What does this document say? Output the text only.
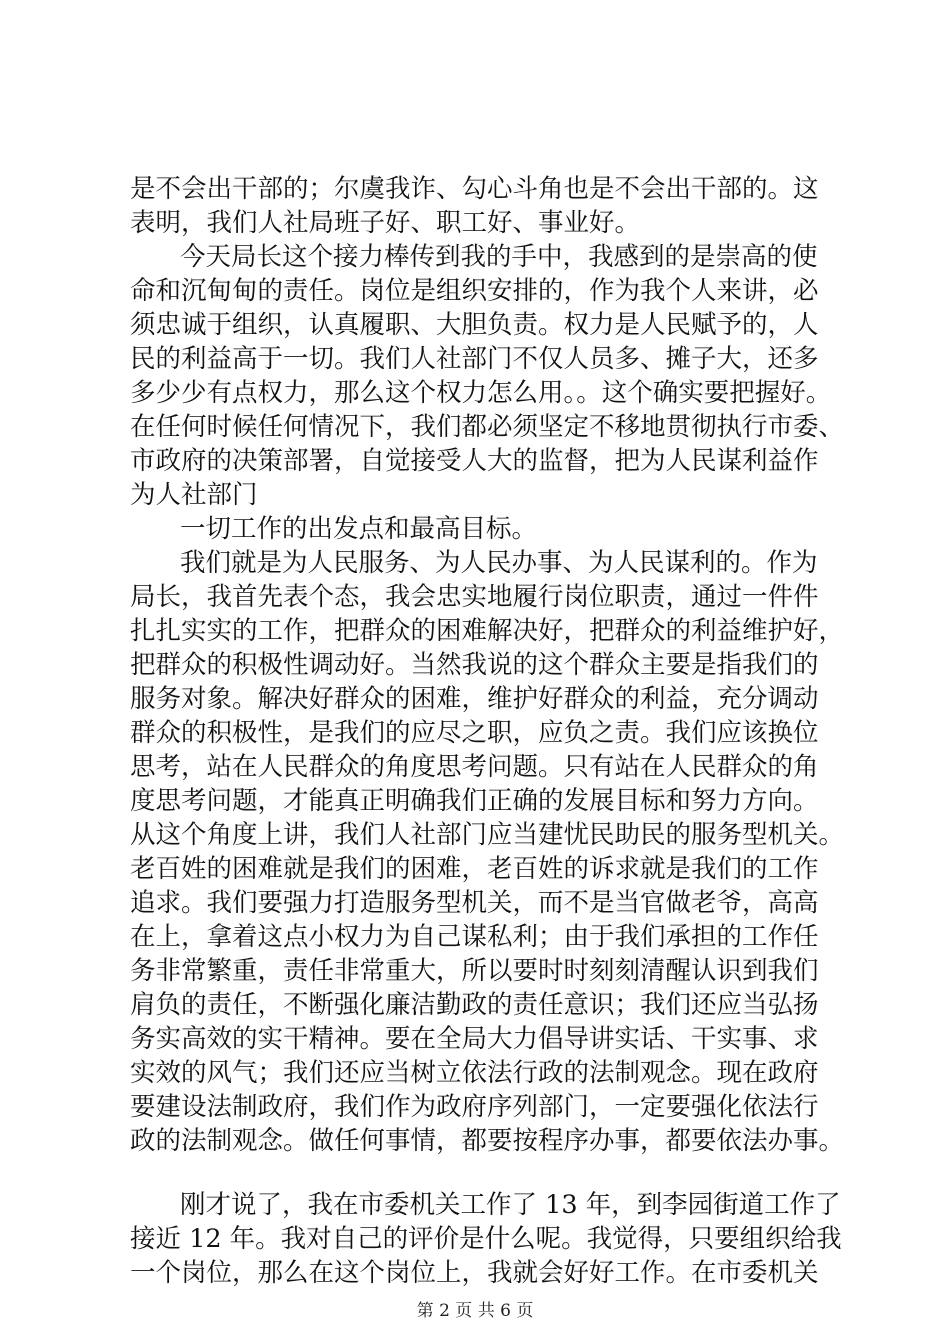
是不会出干部的；尔虞我诈、勾心斗角也是不会出干部的。这
表明，我们人社局班子好、职工好、事业好。
今天局长这个接力棒传到我的手中，我感到的是崇高的使
命和沉甸甸的责任。岗位是组织安排的，作为我个人来讲，必
须忠诚于组织，认真履职、大胆负责。权力是人民赋予的，人
民的利益高于一切。我们人社部门不仅人员多、摊子大，还多
多少少有点权力，那么这个权力怎么用。。这个确实要把握好。
在任何时候任何情况下，我们都必须坚定不移地贯彻执行市委、
市政府的决策部署，自觉接受人大的监督，把为人民谋利益作
为人社部门
一切工作的出发点和最高目标。
我们就是为人民服务、为人民办事、为人民谋利的。作为
局长，我首先表个态，我会忠实地履行岗位职责，通过一件件
扎扎实实的工作，把群众的困难解决好，把群众的利益维护好，
把群众的积极性调动好。当然我说的这个群众主要是指我们的
服务对象。解决好群众的困难，维护好群众的利益，充分调动
群众的积极性，是我们的应尽之职，应负之责。我们应该换位
思考，站在人民群众的角度思考问题。只有站在人民群众的角
度思考问题，才能真正明确我们正确的发展目标和努力方向。
从这个角度上讲，我们人社部门应当建忧民助民的服务型机关。
老百姓的困难就是我们的困难，老百姓的诉求就是我们的工作
追求。我们要强力打造服务型机关，而不是当官做老爷，高高
在上，拿着这点小权力为自己谋私利；由于我们承担的工作任
务非常繁重，责任非常重大，所以要时时刻刻清醒认识到我们
肩负的责任，不断强化廉洁勤政的责任意识；我们还应当弘扬
务实高效的实干精神。要在全局大力倡导讲实话、干实事、求
实效的风气；我们还应当树立依法行政的法制观念。现在政府
要建设法制政府，我们作为政府序列部门，一定要强化依法行
政的法制观念。做任何事情，都要按程序办事，都要依法办事。
刚才说了，我在市委机关工作了 13 年，到李园街道工作了
接近 12 年。我对自己的评价是什么呢。我觉得，只要组织给我
一个岗位，那么在这个岗位上，我就会好好工作。在市委机关
第 2 页 共 6 页
